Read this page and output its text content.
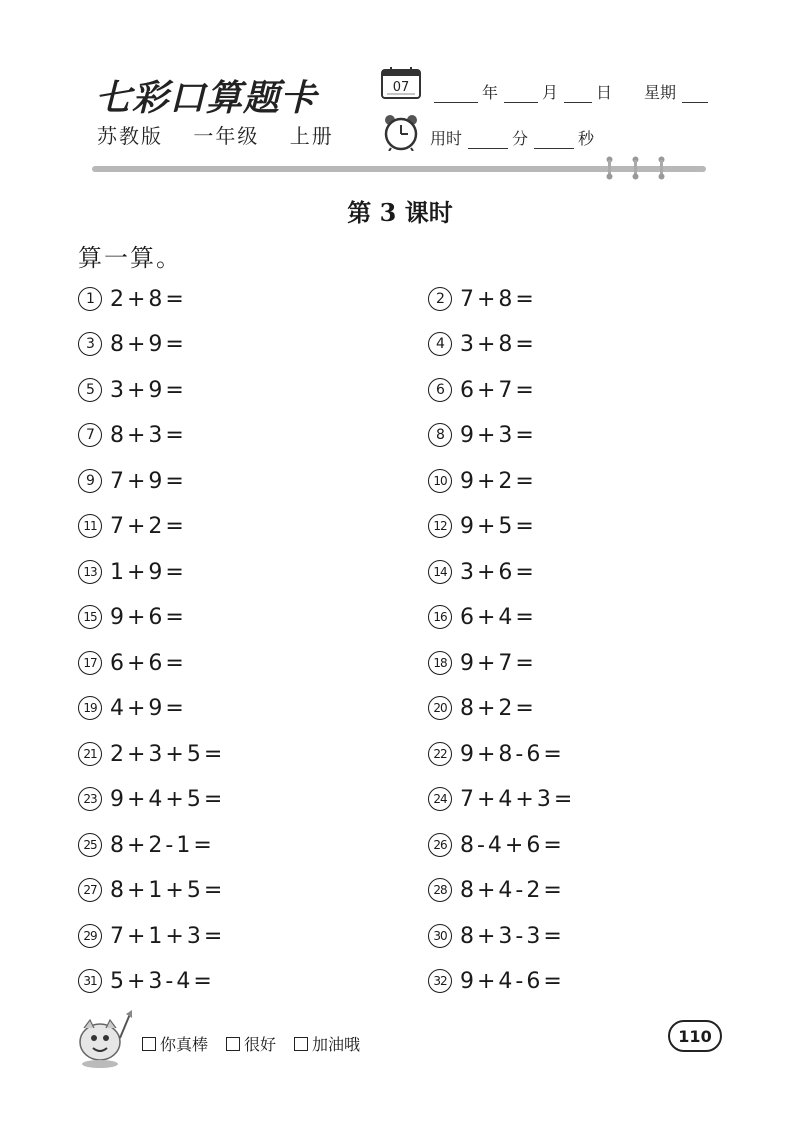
七彩口算题卡
苏教版 一年级 上册
07	年	月 日 星期
用时	分	秒
第 3 课时
算一算。
1 2+8=	2 7+8=
3 8+9=	4 3+8=
5 3+9=	6 6+7=
7 8+3=	8 9+3=
9 7+9=	10 9+2=
11 7+2=	12 9+5=
13 1+9=	14 3+6=
15 9+6=	16 6+4=
17 6+6=	18 9+7=
19 4+9=	20 8+2=
21 2+3+5=	22 9+8-6=
23 9+4+5=	24 7+4+3=
25 8+2-1=	26 8-4+6=
27 8+1+5=	28 8+4-2=
29 7+1+3=	30 8+3-3=
31 5+3-4=	32 9+4-6=
你真棒 很好 加油哦	110
